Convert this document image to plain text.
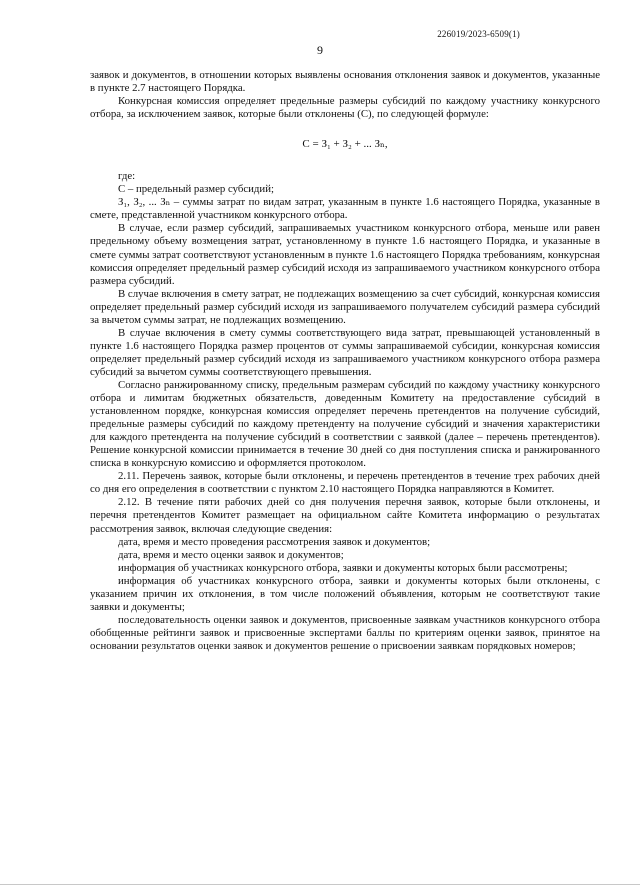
226019/2023-6509(1)
9

заявок и документов, в отношении которых выявлены основания отклонения заявок и документов, указанные в пункте 2.7 настоящего Порядка.

Конкурсная комиссия определяет предельные размеры субсидий по каждому участнику конкурсного отбора, за исключением заявок, которые были отклонены (С), по следующей формуле:

С = З₁ + З₂ + ... Зₙ,

где:

С – предельный размер субсидий;

З₁, З₂, ... Зₙ – суммы затрат по видам затрат, указанным в пункте 1.6 настоящего Порядка, указанные в смете, представленной участником конкурсного отбора.

В случае, если размер субсидий, запрашиваемых участником конкурсного отбора, меньше или равен предельному объему возмещения затрат, установленному в пункте 1.6 настоящего Порядка, и указанные в смете суммы затрат соответствуют установленным в пункте 1.6 настоящего Порядка требованиям, конкурсная комиссия определяет предельный размер субсидий исходя из запрашиваемого участником конкурсного отбора размера субсидий.

В случае включения в смету затрат, не подлежащих возмещению за счет субсидий, конкурсная комиссия определяет предельный размер субсидий исходя из запрашиваемого получателем субсидий размера субсидий за вычетом суммы затрат, не подлежащих возмещению.

В случае включения в смету суммы соответствующего вида затрат, превышающей установленный в пункте 1.6 настоящего Порядка размер процентов от суммы запрашиваемой субсидии, конкурсная комиссия определяет предельный размер субсидий исходя из запрашиваемого участником конкурсного отбора размера субсидий за вычетом суммы соответствующего превышения.

Согласно ранжированному списку, предельным размерам субсидий по каждому участнику конкурсного отбора и лимитам бюджетных обязательств, доведенным Комитету на предоставление субсидий в установленном порядке, конкурсная комиссия определяет перечень претендентов на получение субсидий, предельные размеры субсидий по каждому претенденту на получение субсидий и значения характеристики для каждого претендента на получение субсидий в соответствии с заявкой (далее – перечень претендентов). Решение конкурсной комиссии принимается в течение 30 дней со дня поступления списка и ранжированного списка в конкурсную комиссию и оформляется протоколом.

2.11. Перечень заявок, которые были отклонены, и перечень претендентов в течение трех рабочих дней со дня его определения в соответствии с пунктом 2.10 настоящего Порядка направляются в Комитет.

2.12. В течение пяти рабочих дней со дня получения перечня заявок, которые были отклонены, и перечня претендентов Комитет размещает на официальном сайте Комитета информацию о результатах рассмотрения заявок, включая следующие сведения:

дата, время и место проведения рассмотрения заявок и документов;

дата, время и место оценки заявок и документов;

информация об участниках конкурсного отбора, заявки и документы которых были рассмотрены;

информация об участниках конкурсного отбора, заявки и документы которых были отклонены, с указанием причин их отклонения, в том числе положений объявления, которым не соответствуют такие заявки и документы;

последовательность оценки заявок и документов, присвоенные заявкам участников конкурсного отбора обобщенные рейтинги заявок и присвоенные экспертами баллы по критериям оценки заявок, принятое на основании результатов оценки заявок и документов решение о присвоении заявкам порядковых номеров;
